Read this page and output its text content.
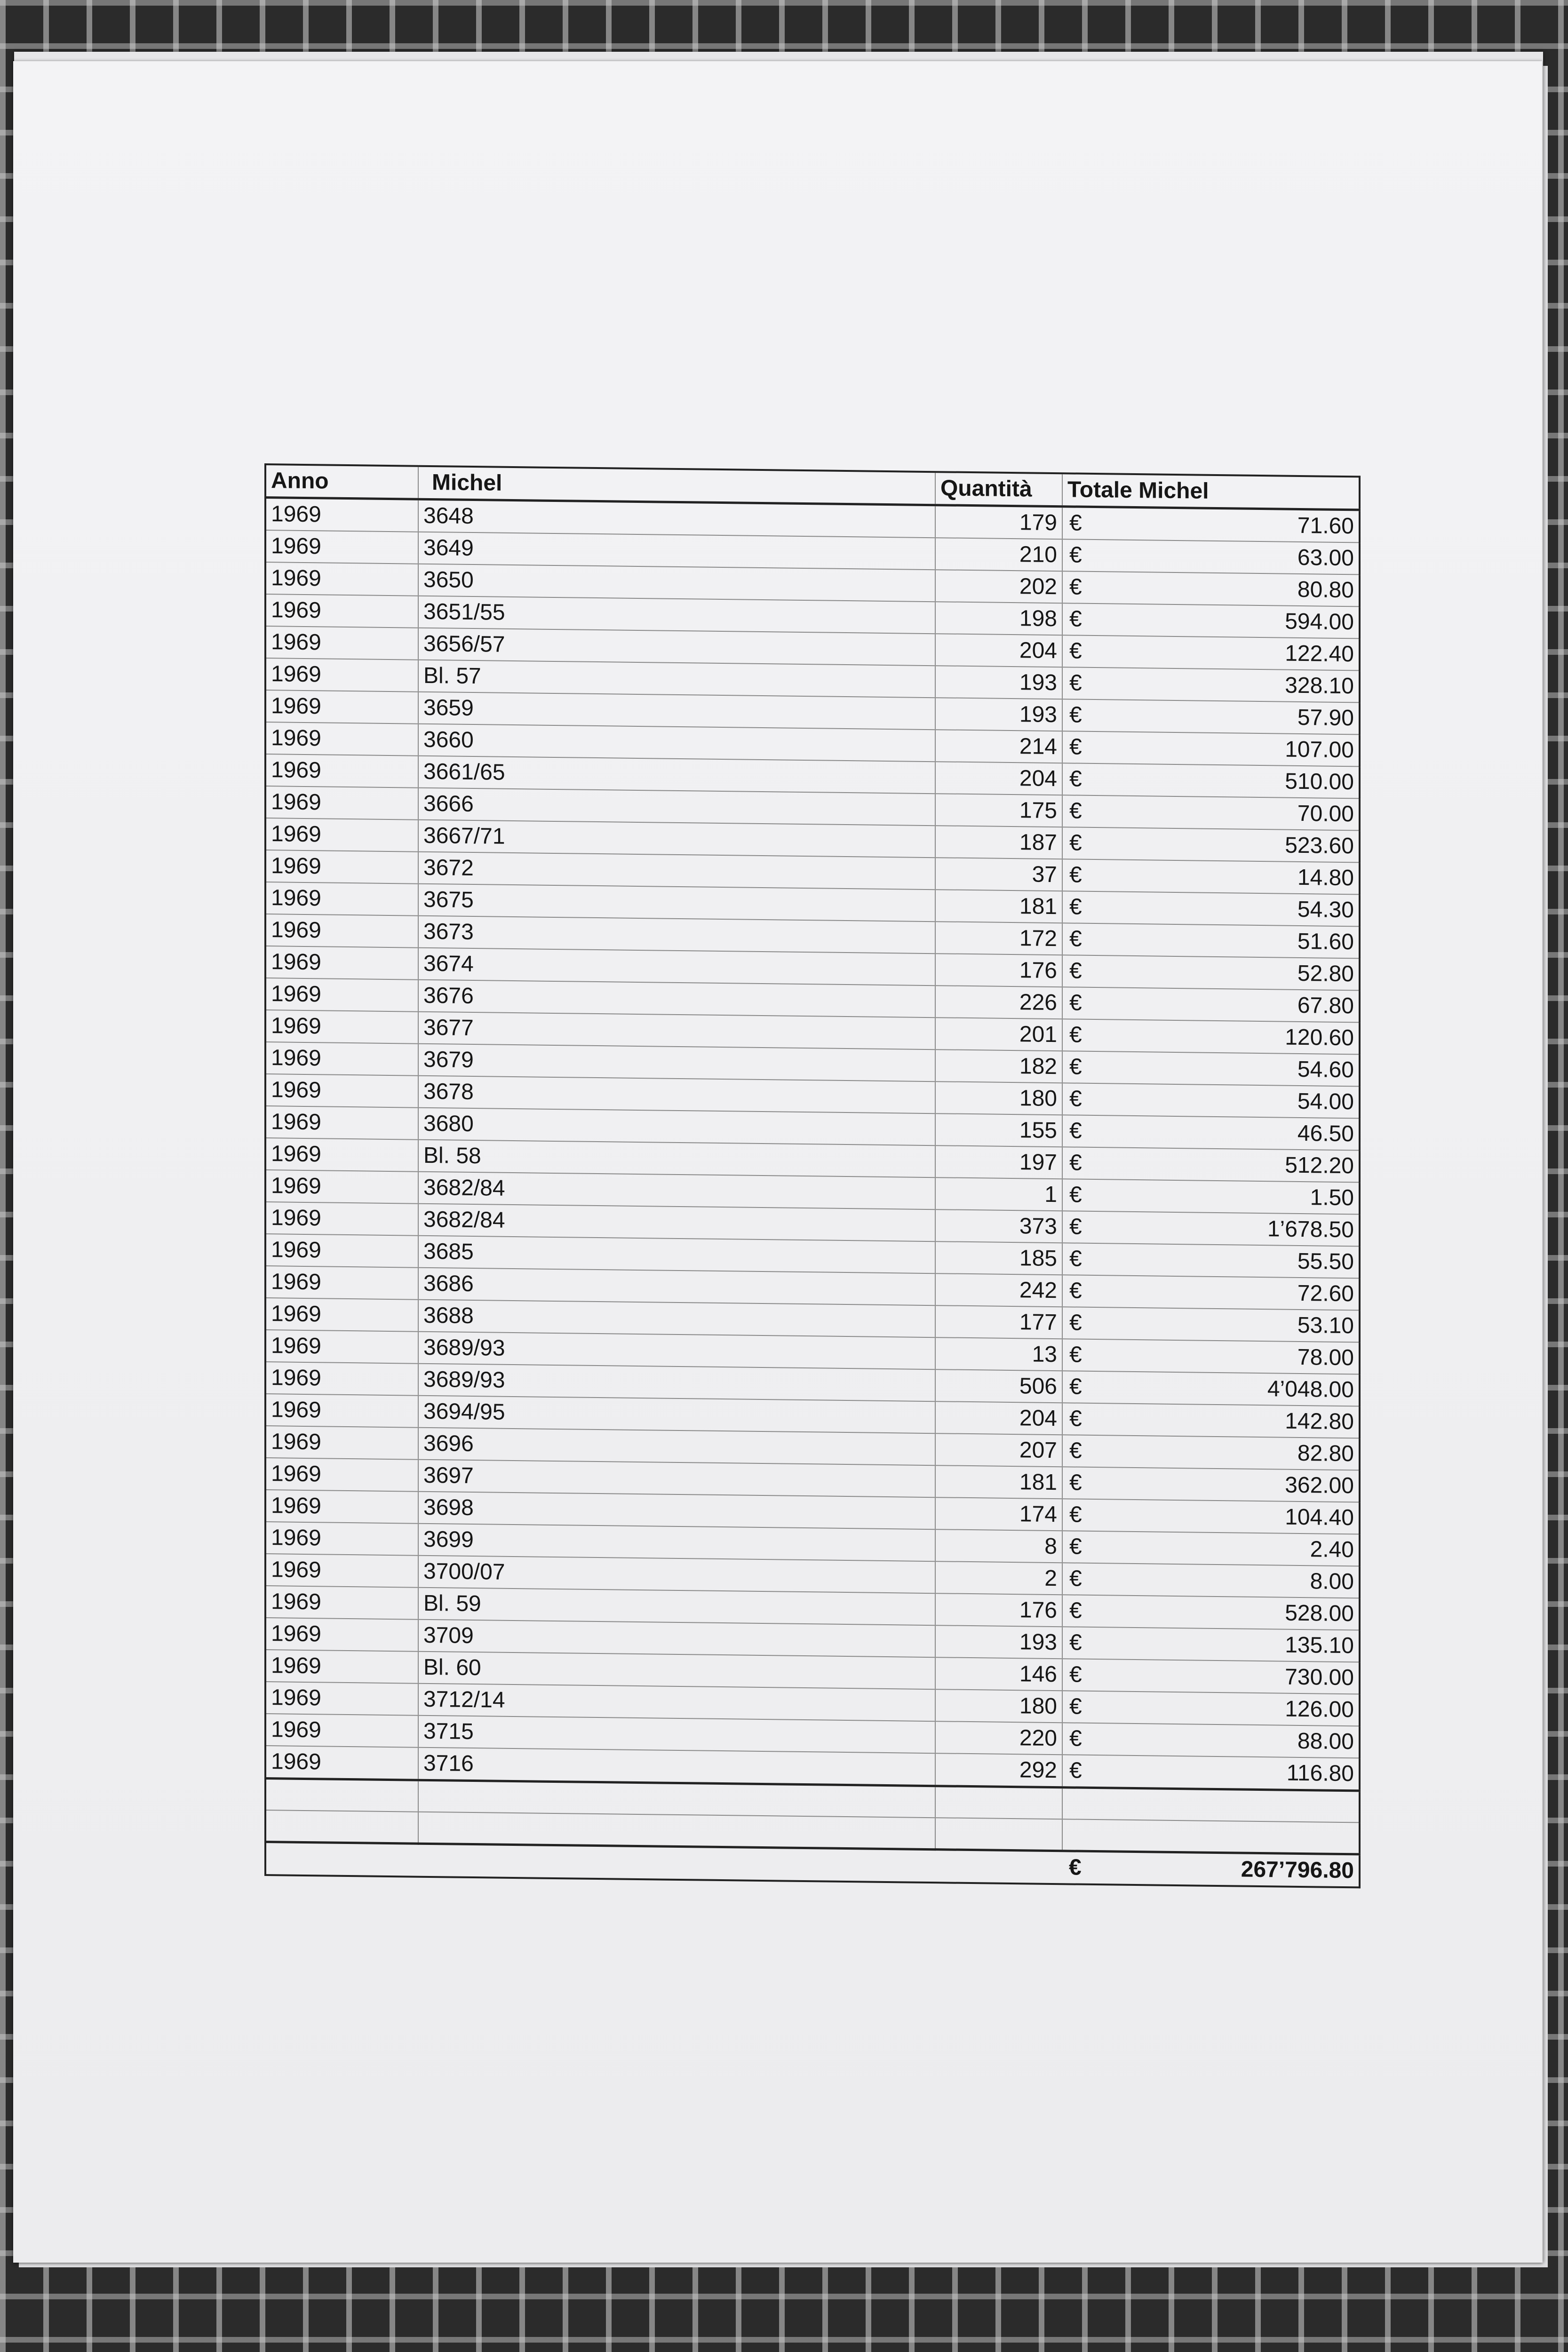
Anno	Michel	Quantità	Totale Michel	
1969	3648	179	€	71.60
1969	3649	210	€	63.00
1969	3650	202	€	80.80
1969	3651/55	198	€	594.00
1969	3656/57	204	€	122.40
1969	Bl. 57	193	€	328.10
1969	3659	193	€	57.90
1969	3660	214	€	107.00
1969	3661/65	204	€	510.00
1969	3666	175	€	70.00
1969	3667/71	187	€	523.60
1969	3672	37	€	14.80
1969	3675	181	€	54.30
1969	3673	172	€	51.60
1969	3674	176	€	52.80
1969	3676	226	€	67.80
1969	3677	201	€	120.60
1969	3679	182	€	54.60
1969	3678	180	€	54.00
1969	3680	155	€	46.50
1969	Bl. 58	197	€	512.20
1969	3682/84	1	€	1.50
1969	3682/84	373	€	1’678.50
1969	3685	185	€	55.50
1969	3686	242	€	72.60
1969	3688	177	€	53.10
1969	3689/93	13	€	78.00
1969	3689/93	506	€	4’048.00
1969	3694/95	204	€	142.80
1969	3696	207	€	82.80
1969	3697	181	€	362.00
1969	3698	174	€	104.40
1969	3699	8	€	2.40
1969	3700/07	2	€	8.00
1969	Bl. 59	176	€	528.00
1969	3709	193	€	135.10
1969	Bl. 60	146	€	730.00
1969	3712/14	180	€	126.00
1969	3715	220	€	88.00
1969	3716	292	€	116.80

			€	267’796.80
